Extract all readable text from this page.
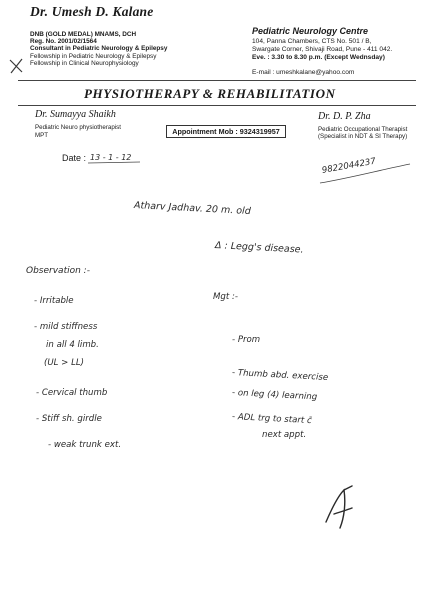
Dr. Umesh D. Kalane
DNB (GOLD MEDAL) MNAMS, DCH
Reg. No. 2001/02/1564
Consultant in Pediatric Neurology & Epilepsy
Fellowship in Pediatric Neurology & Epilepsy
Fellowship in Clinical Neurophysiology
Pediatric Neurology Centre
104, Panna Chambers, CTS No. 501 / B,
Swargate Corner, Shivaji Road, Pune - 411 042.
Eve. : 3.30 to 8.30 p.m. (Except Wednsday)
E-mail : umeshkalane@yahoo.com
PHYSIOTHERAPY & REHABILITATION
Dr. Sumayya Shaikh
Pediatric Neuro physiotherapist
MPT
Dr. D. P. Zha
Pediatric Occupational Therapist
(Specialist in NDT & SI Therapy)
Appointment Mob : 9324319957
Date : 13 - 1 - 12	9822044237
Atharv Jadhav. 20 m. old
Δ : Legg's disease.
Observation :-
- Irritable
- mild stiffness
in all 4 limb.
(UL > LL)
- Cervical thumb
- Stiff sh. girdle
- weak trunk ext.
Mgt :-
- Prom
- Thumb abd. exercise
- on leg (4) learning
- ADL trg to start c̄
next appt.
